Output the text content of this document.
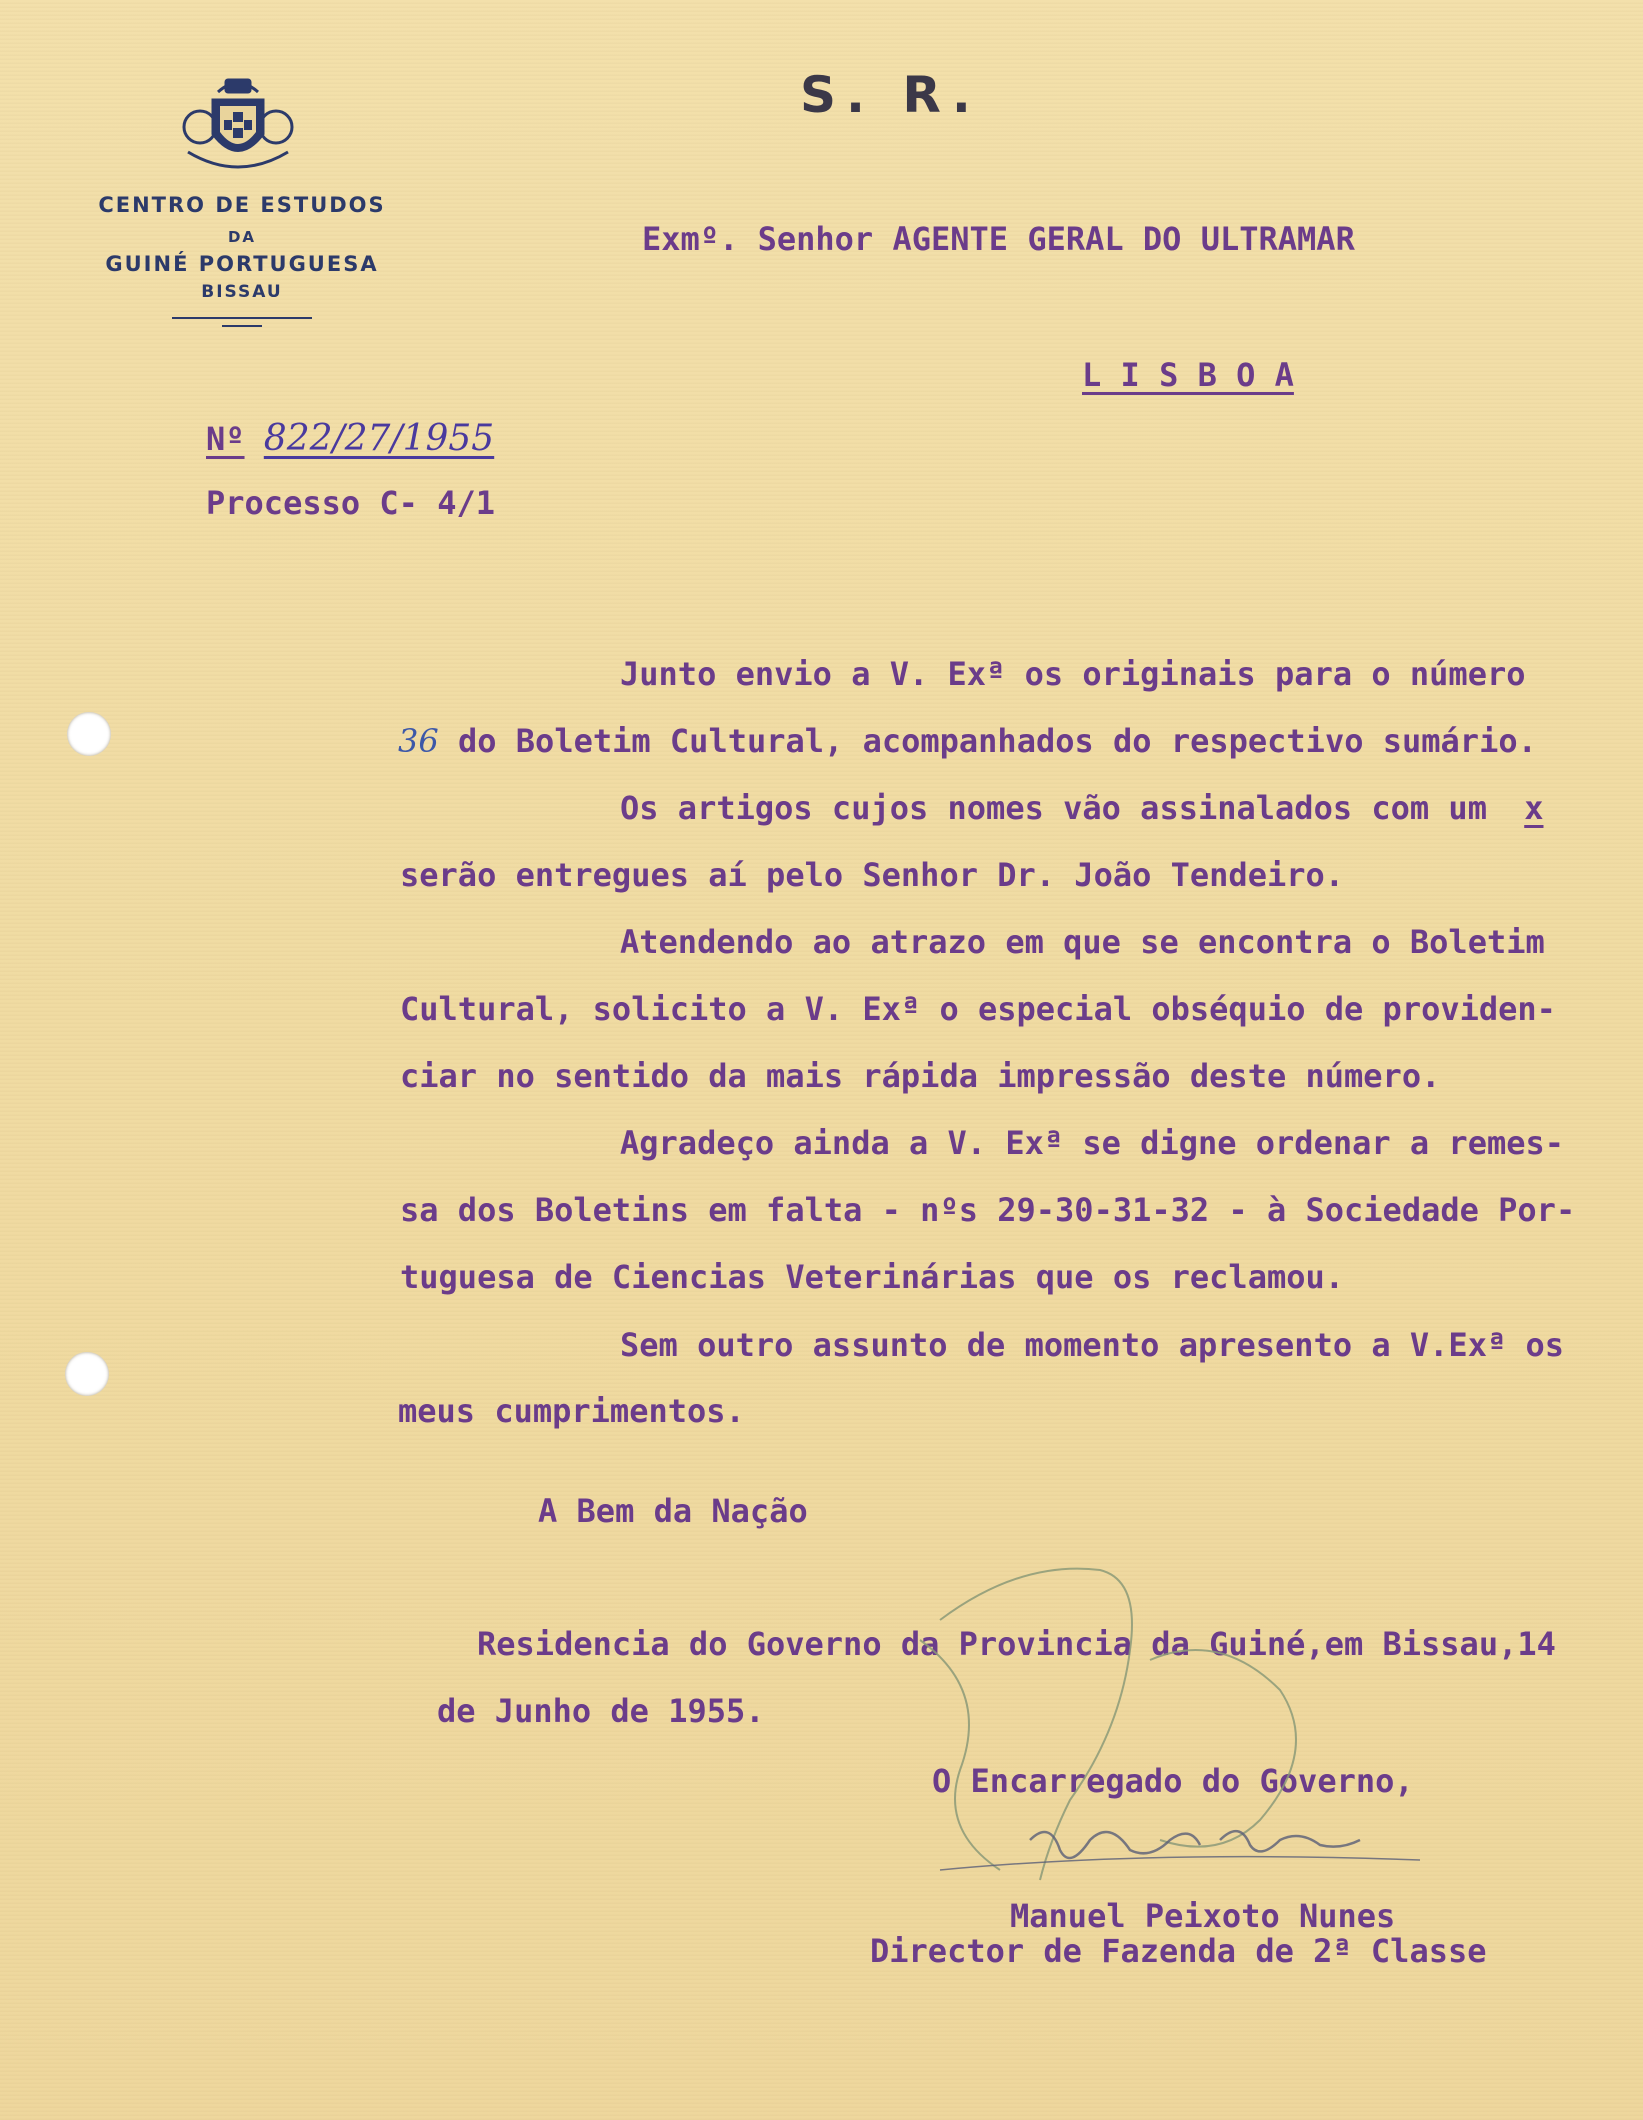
CENTRO DE ESTUDOS
DA
GUINÉ PORTUGUESA
BISSAU
S. R.
Exmº. Senhor AGENTE GERAL DO ULTRAMAR
L I S B O A
Nº 822/27/1955
Processo C- 4/1
Junto envio a V. Exª os originais para o número
36 do Boletim Cultural, acompanhados do respectivo sumário.
Os artigos cujos nomes vão assinalados com um x
serão entregues aí pelo Senhor Dr. João Tendeiro.
Atendendo ao atrazo em que se encontra o Boletim
Cultural, solicito a V. Exª o especial obséquio de providen-
ciar no sentido da mais rápida impressão deste número.
Agradeço ainda a V. Exª se digne ordenar a remes-
sa dos Boletins em falta - nºs 29-30-31-32 - à Sociedade Por-
tuguesa de Ciencias Veterinárias que os reclamou.
Sem outro assunto de momento apresento a V.Exª os
meus cumprimentos.
A Bem da Nação
Residencia do Governo da Provincia da Guiné,em Bissau,14
de Junho de 1955.
O Encarregado do Governo,
Manuel Peixoto Nunes
Director de Fazenda de 2ª Classe
